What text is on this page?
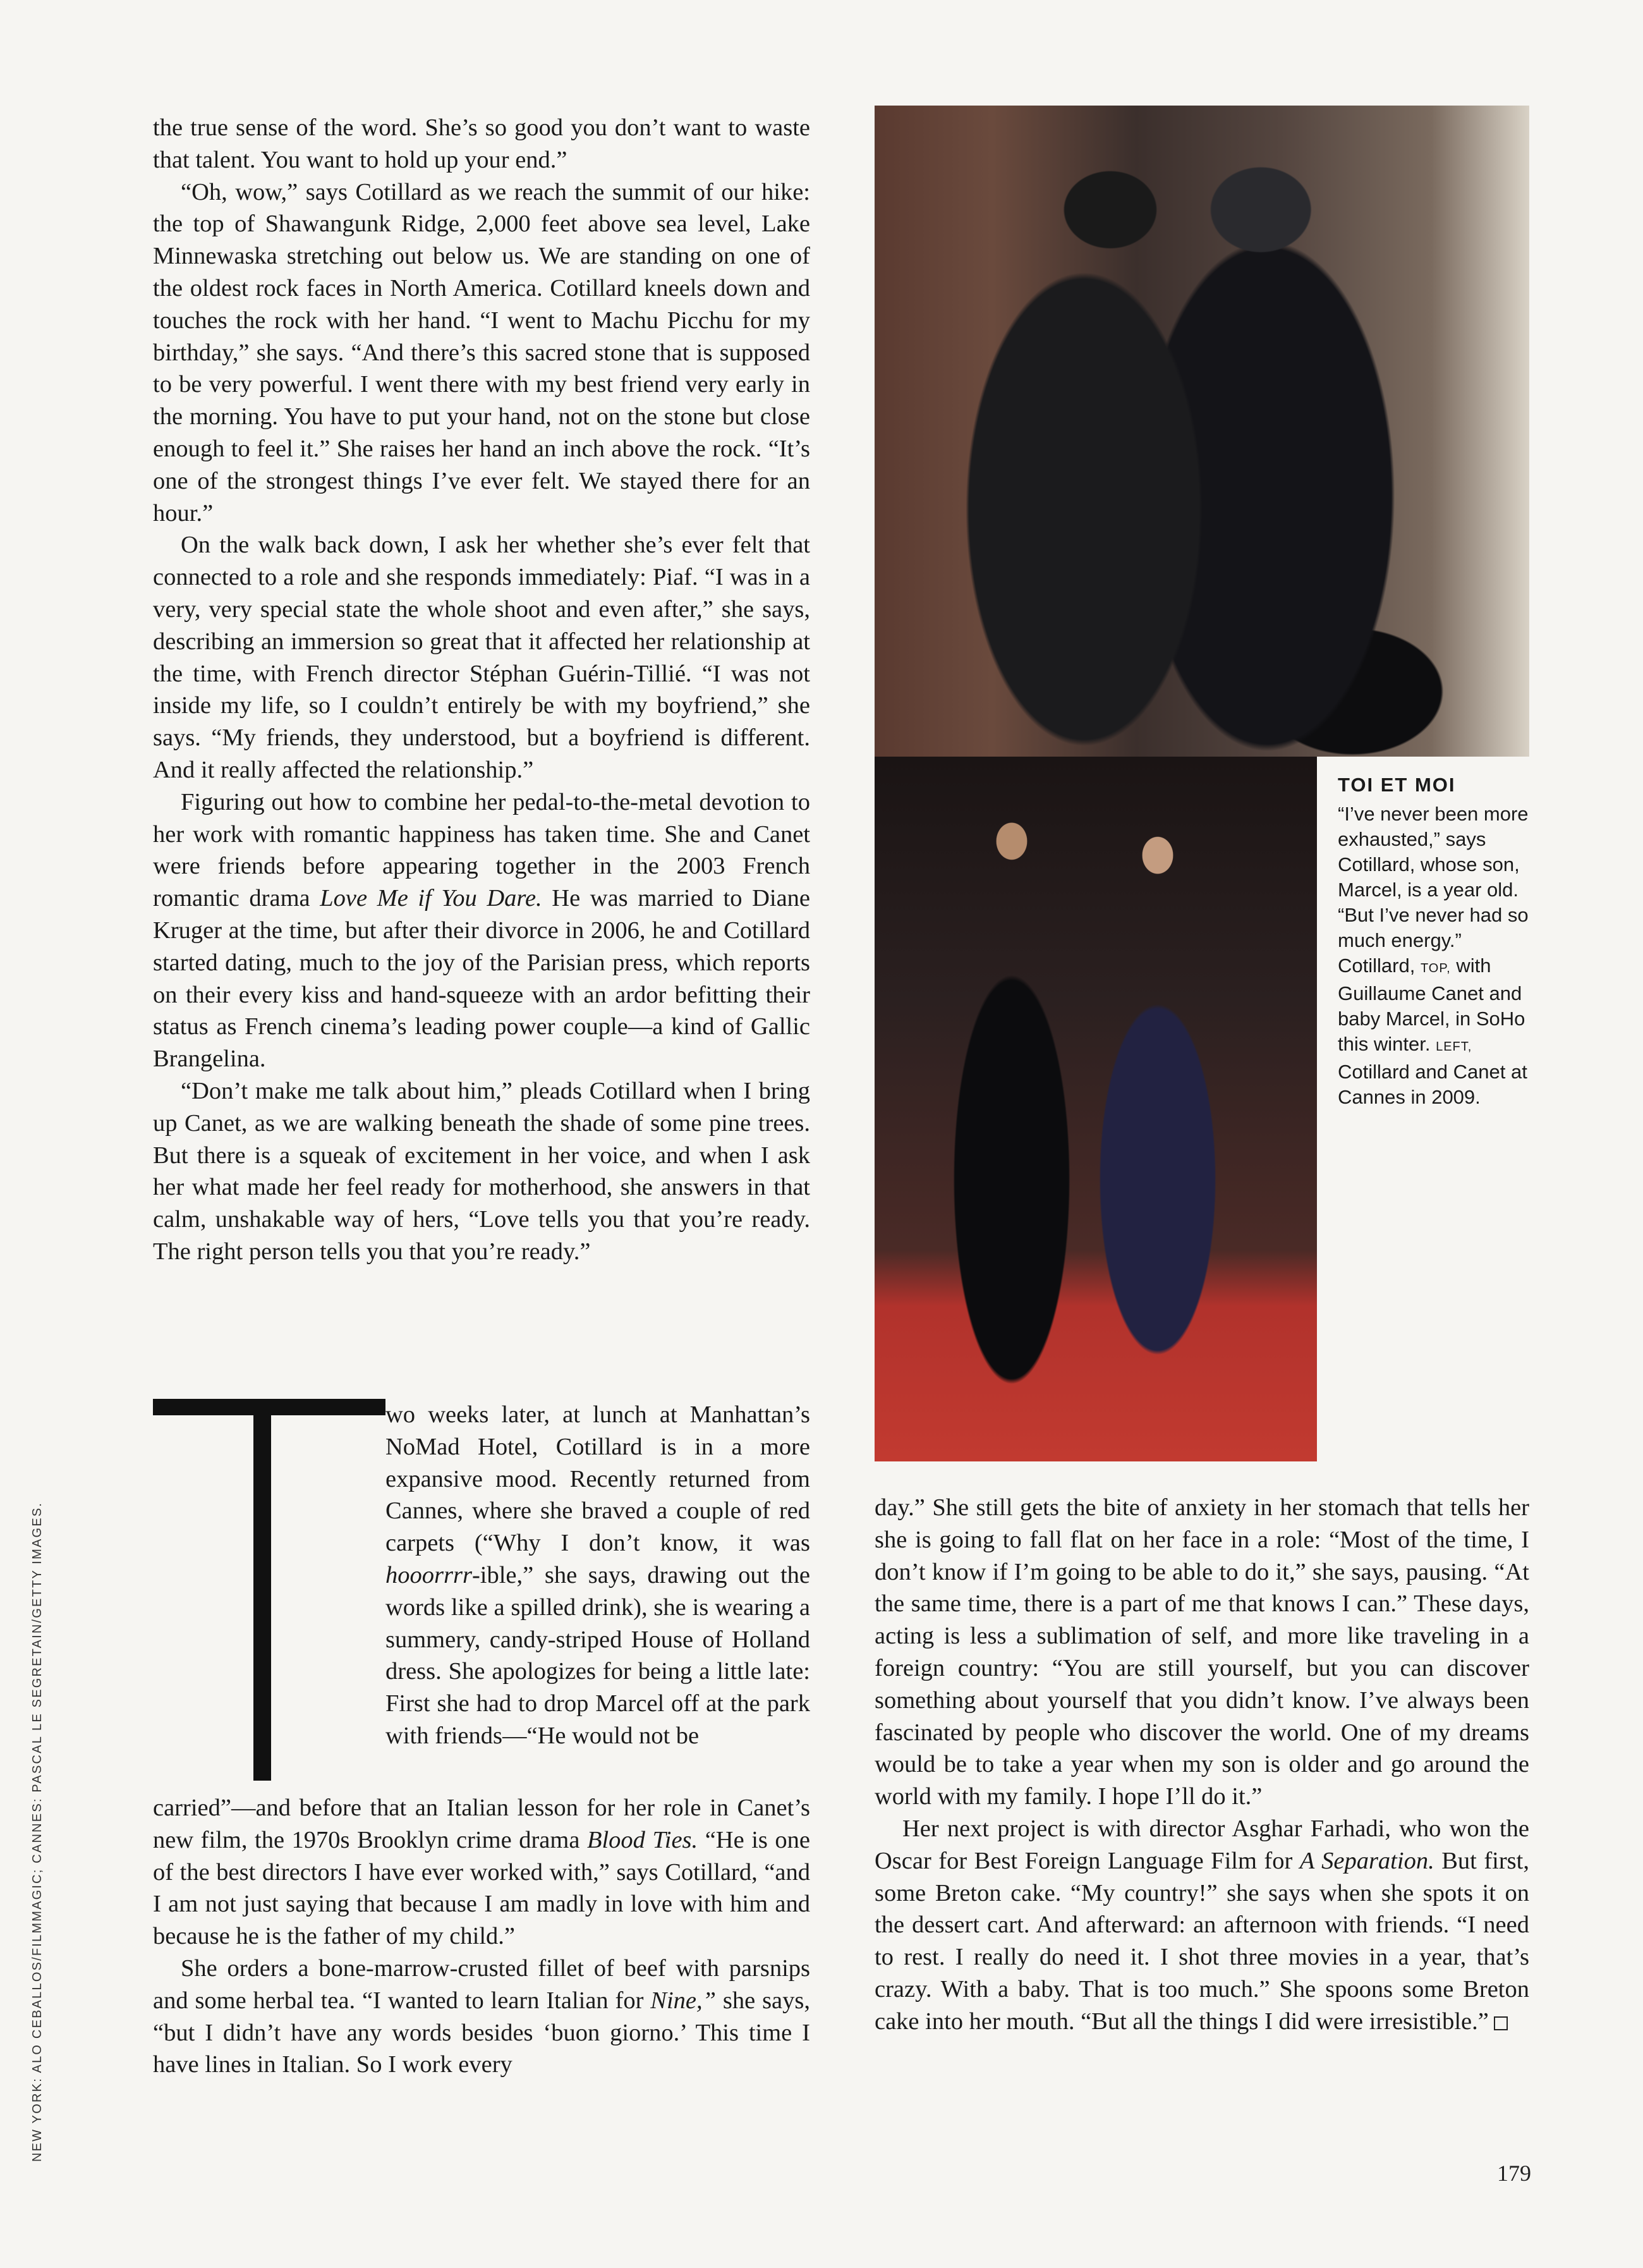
the true sense of the word. She’s so good you don’t want to waste that talent. You want to hold up your end.”

“Oh, wow,” says Cotillard as we reach the summit of our hike: the top of Shawangunk Ridge, 2,000 feet above sea level, Lake Minnewaska stretching out below us. We are standing on one of the oldest rock faces in North America. Cotillard kneels down and touches the rock with her hand. “I went to Machu Picchu for my birthday,” she says. “And there’s this sacred stone that is supposed to be very powerful. I went there with my best friend very early in the morning. You have to put your hand, not on the stone but close enough to feel it.” She raises her hand an inch above the rock. “It’s one of the strongest things I’ve ever felt. We stayed there for an hour.”

On the walk back down, I ask her whether she’s ever felt that connected to a role and she responds immediately: Piaf. “I was in a very, very special state the whole shoot and even after,” she says, describing an immersion so great that it affected her relationship at the time, with French director Stéphan Guérin-Tillié. “I was not inside my life, so I couldn’t entirely be with my boyfriend,” she says. “My friends, they understood, but a boyfriend is different. And it really affected the relationship.”

Figuring out how to combine her pedal-to-the-metal devotion to her work with romantic happiness has taken time. She and Canet were friends before appearing together in the 2003 French romantic drama Love Me if You Dare. He was married to Diane Kruger at the time, but after their divorce in 2006, he and Cotillard started dating, much to the joy of the Parisian press, which reports on their every kiss and hand-squeeze with an ardor befitting their status as French cinema’s leading power couple—a kind of Gallic Brangelina.

“Don’t make me talk about him,” pleads Cotillard when I bring up Canet, as we are walking beneath the shade of some pine trees. But there is a squeak of excitement in her voice, and when I ask her what made her feel ready for motherhood, she answers in that calm, unshakable way of hers, “Love tells you that you’re ready. The right person tells you that you’re ready.”

wo weeks later, at lunch at Manhattan’s NoMad Hotel, Cotillard is in a more expansive mood. Recently returned from Cannes, where she braved a couple of red carpets (“Why I don’t know, it was hooorrrr-ible,” she says, drawing out the words like a spilled drink), she is wearing a summery, candy-striped House of Holland dress. She apologizes for being a little late: First she had to drop Marcel off at the park with friends—“He would not be

carried”—and before that an Italian lesson for her role in Canet’s new film, the 1970s Brooklyn crime drama Blood Ties. “He is one of the best directors I have ever worked with,” says Cotillard, “and I am not just saying that because I am madly in love with him and because he is the father of my child.”

She orders a bone-marrow-crusted fillet of beef with parsnips and some herbal tea. “I wanted to learn Italian for Nine,” she says, “but I didn’t have any words besides ‘buon giorno.’ This time I have lines in Italian. So I work every

day.” She still gets the bite of anxiety in her stomach that tells her she is going to fall flat on her face in a role: “Most of the time, I don’t know if I’m going to be able to do it,” she says, pausing. “At the same time, there is a part of me that knows I can.” These days, acting is less a sublimation of self, and more like traveling in a foreign country: “You are still yourself, but you can discover something about yourself that you didn’t know. I’ve always been fascinated by people who discover the world. One of my dreams would be to take a year when my son is older and go around the world with my family. I hope I’ll do it.”

Her next project is with director Asghar Farhadi, who won the Oscar for Best Foreign Language Film for A Separation. But first, some Breton cake. “My country!” she says when she spots it on the dessert cart. And afterward: an afternoon with friends. “I need to rest. I really do need it. I shot three movies in a year, that’s crazy. With a baby. That is too much.” She spoons some Breton cake into her mouth. “But all the things I did were irresistible.”

TOI ET MOI
“I’ve never been more exhausted,” says Cotillard, whose son, Marcel, is a year old. “But I’ve never had so much energy.” Cotillard, TOP, with Guillaume Canet and baby Marcel, in SoHo this winter. LEFT, Cotillard and Canet at Cannes in 2009.
NEW YORK: ALO CEBALLOS/FILMMAGIC; CANNES: PASCAL LE SEGRETAIN/GETTY IMAGES.
179
